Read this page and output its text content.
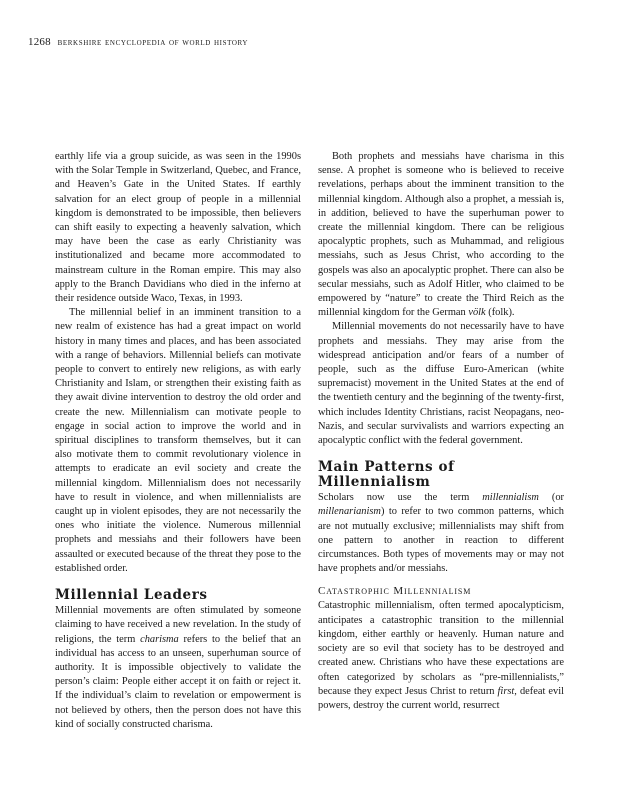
1268 berkshire encyclopedia of world history

earthly life via a group suicide, as was seen in the 1990s with the Solar Temple in Switzerland, Quebec, and France, and Heaven’s Gate in the United States. If earthly salvation for an elect group of people in a millennial kingdom is demonstrated to be impossible, then believers can shift easily to expecting a heavenly salvation, which may have been the case as early Christianity was institutionalized and became more accommodated to mainstream culture in the Roman empire. This may also apply to the Branch Davidians who died in the inferno at their residence outside Waco, Texas, in 1993.

The millennial belief in an imminent transition to a new realm of existence has had a great impact on world history in many times and places, and has been associated with a range of behaviors. Millennial beliefs can motivate people to convert to entirely new religions, as with early Christianity and Islam, or strengthen their existing faith as they await divine intervention to destroy the old order and create the new. Millennialism can motivate people to engage in social action to improve the world and in spiritual disciplines to transform themselves, but it can also motivate them to commit revolutionary violence in attempts to eradicate an evil society and create the millennial kingdom. Millennialism does not necessarily have to result in violence, and when millennialists are caught up in violent episodes, they are not necessarily the ones who initiate the violence. Numerous millennial prophets and messiahs and their followers have been assaulted or executed because of the threat they pose to the established order.

Millennial Leaders

Millennial movements are often stimulated by someone claiming to have received a new revelation. In the study of religions, the term charisma refers to the belief that an individual has access to an unseen, superhuman source of authority. It is impossible objectively to validate the person’s claim: People either accept it on faith or reject it. If the individual’s claim to revelation or empowerment is not believed by others, then the person does not have this kind of socially constructed charisma.

Both prophets and messiahs have charisma in this sense. A prophet is someone who is believed to receive revelations, perhaps about the imminent transition to the millennial kingdom. Although also a prophet, a messiah is, in addition, believed to have the superhuman power to create the millennial kingdom. There can be religious apocalyptic prophets, such as Muhammad, and religious messiahs, such as Jesus Christ, who according to the gospels was also an apocalyptic prophet. There can also be secular messiahs, such as Adolf Hitler, who claimed to be empowered by “nature” to create the Third Reich as the millennial kingdom for the German völk (folk).

Millennial movements do not necessarily have to have prophets and messiahs. They may arise from the widespread anticipation and/or fears of a number of people, such as the diffuse Euro-American (white supremacist) movement in the United States at the end of the twentieth century and the beginning of the twenty-first, which includes Identity Christians, racist Neopagans, neo-Nazis, and secular survivalists and warriors expecting an apocalyptic conflict with the federal government.

Main Patterns of Millennialism

Scholars now use the term millennialism (or millenarianism) to refer to two common patterns, which are not mutually exclusive; millennialists may shift from one pattern to another in reaction to different circumstances. Both types of movements may or may not have prophets and/or messiahs.

Catastrophic Millennialism

Catastrophic millennialism, often termed apocalypticism, anticipates a catastrophic transition to the millennial kingdom, either earthly or heavenly. Human nature and society are so evil that society has to be destroyed and created anew. Christians who have these expectations are often categorized by scholars as “pre-millennialists,” because they expect Jesus Christ to return first, defeat evil powers, destroy the current world, resurrect
